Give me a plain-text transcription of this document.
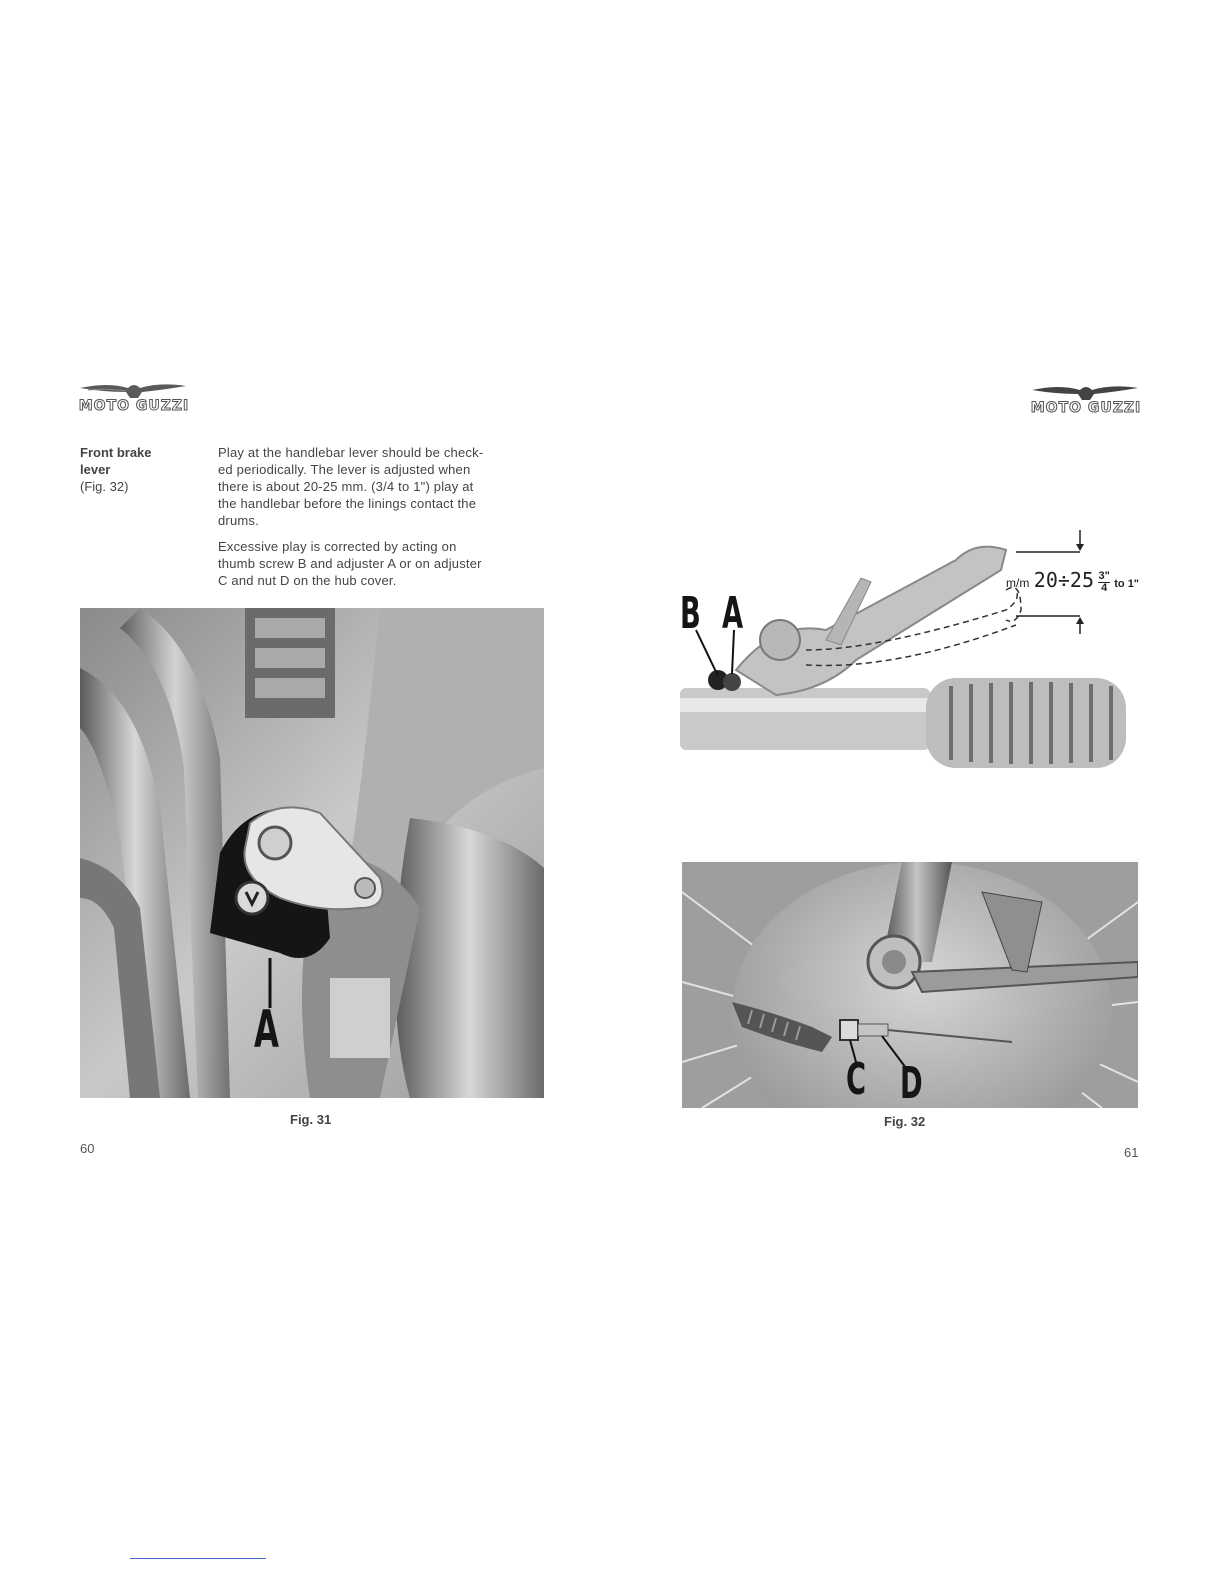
MOTO GUZZI
Front brake
lever
(Fig. 32)
Play at the handlebar lever should be check-
ed periodically. The lever is adjusted when
there is about 20-25 mm. (3/4 to 1") play at
the handlebar before the linings contact the
drums.
Excessive play is corrected by acting on
thumb screw B and adjuster A or on adjuster
C and nut D on the hub cover.
A
Fig. 31
60
MOTO GUZZI
B A
m/m $20\div 25 \frac{3"}{4}$ to 1"
C D
Fig. 32
61
